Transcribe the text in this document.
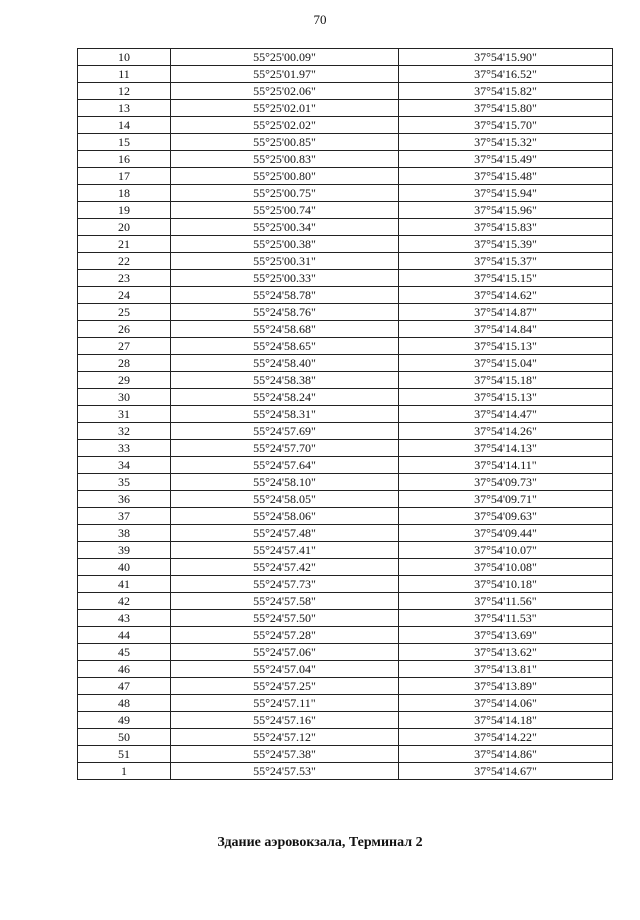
70
10	55°25'00.09"	37°54'15.90"
11	55°25'01.97"	37°54'16.52"
12	55°25'02.06"	37°54'15.82"
13	55°25'02.01"	37°54'15.80"
14	55°25'02.02"	37°54'15.70"
15	55°25'00.85"	37°54'15.32"
16	55°25'00.83"	37°54'15.49"
17	55°25'00.80"	37°54'15.48"
18	55°25'00.75"	37°54'15.94"
19	55°25'00.74"	37°54'15.96"
20	55°25'00.34"	37°54'15.83"
21	55°25'00.38"	37°54'15.39"
22	55°25'00.31"	37°54'15.37"
23	55°25'00.33"	37°54'15.15"
24	55°24'58.78"	37°54'14.62"
25	55°24'58.76"	37°54'14.87"
26	55°24'58.68"	37°54'14.84"
27	55°24'58.65"	37°54'15.13"
28	55°24'58.40"	37°54'15.04"
29	55°24'58.38"	37°54'15.18"
30	55°24'58.24"	37°54'15.13"
31	55°24'58.31"	37°54'14.47"
32	55°24'57.69"	37°54'14.26"
33	55°24'57.70"	37°54'14.13"
34	55°24'57.64"	37°54'14.11"
35	55°24'58.10"	37°54'09.73"
36	55°24'58.05"	37°54'09.71"
37	55°24'58.06"	37°54'09.63"
38	55°24'57.48"	37°54'09.44"
39	55°24'57.41"	37°54'10.07"
40	55°24'57.42"	37°54'10.08"
41	55°24'57.73"	37°54'10.18"
42	55°24'57.58"	37°54'11.56"
43	55°24'57.50"	37°54'11.53"
44	55°24'57.28"	37°54'13.69"
45	55°24'57.06"	37°54'13.62"
46	55°24'57.04"	37°54'13.81"
47	55°24'57.25"	37°54'13.89"
48	55°24'57.11"	37°54'14.06"
49	55°24'57.16"	37°54'14.18"
50	55°24'57.12"	37°54'14.22"
51	55°24'57.38"	37°54'14.86"
1	55°24'57.53"	37°54'14.67"
Здание аэровокзала, Терминал 2
